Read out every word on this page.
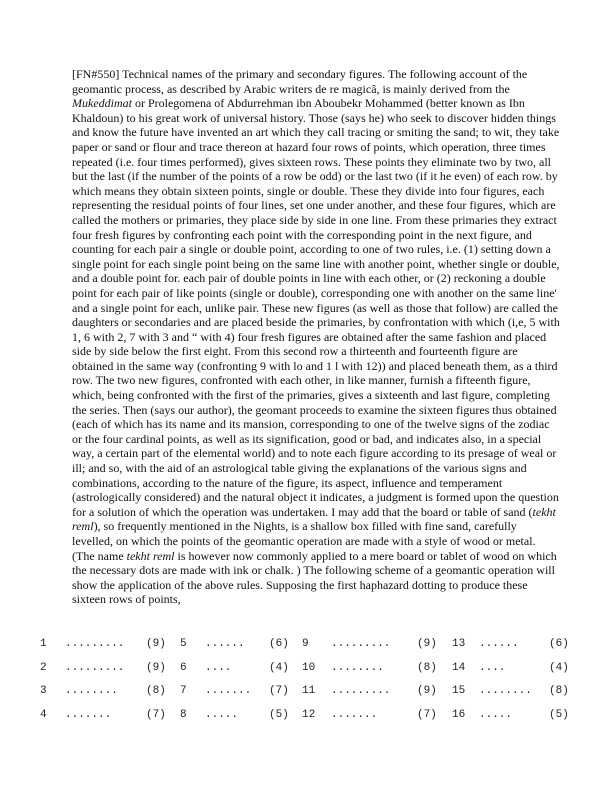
[FN#550] Technical names of the primary and secondary figures. The following account of the geomantic process, as described by Arabic writers de re magicâ, is mainly derived from the Mukeddimat or Prolegomena of Abdurrehman ibn Aboubekr Mohammed (better known as Ibn Khaldoun) to his great work of universal history. Those (says he) who seek to discover hidden things and know the future have invented an art which they call tracing or smiting the sand; to wit, they take paper or sand or flour and trace thereon at hazard four rows of points, which operation, three times repeated (i.e. four times performed), gives sixteen rows. These points they eliminate two by two, all but the last (if the number of the points of a row be odd) or the last two (if it he even) of each row. by which means they obtain sixteen points, single or double. These they divide into four figures, each representing the residual points of four lines, set one under another, and these four figures, which are called the mothers or primaries, they place side by side in one line. From these primaries they extract four fresh figures by confronting each point with the corresponding point in the next figure, and counting for each pair a single or double point, according to one of two rules, i.e. (1) setting down a single point for each single point being on the same line with another point, whether single or double, and a double point for. each pair of double points in line with each other, or (2) reckoning a double point for each pair of like points (single or double), corresponding one with another on the same line' and a single point for each, unlike pair. These new figures (as well as those that follow) are called the daughters or secondaries and are placed beside the primaries, by confrontation with which (i,e, 5 with 1, 6 with 2, 7 with 3 and “ with 4) four fresh figures are obtained after the same fashion and placed side by side below the first eight. From this second row a thirteenth and fourteenth figure are obtained in the same way (confronting 9 with lo and 1 l with 12)) and placed beneath them, as a third row. The two new figures, confronted with each other, in like manner, furnish a fifteenth figure, which, being confronted with the first of the primaries, gives a sixteenth and last figure, completing the series. Then (says our author), the geomant proceeds to examine the sixteen figures thus obtained (each of which has its name and its mansion, corresponding to one of the twelve signs of the zodiac or the four cardinal points, as well as its signification, good or bad, and indicates also, in a special way, a certain part of the elemental world) and to note each figure according to its presage of weal or ill; and so, with the aid of an astrological table giving the explanations of the various signs and combinations, according to the nature of the figure, its aspect, influence and temperament (astrologically considered) and the natural object it indicates, a judgment is formed upon the question for a solution of which the operation was undertaken. I may add that the board or table of sand (tekht reml), so frequently mentioned in the Nights, is a shallow box filled with fine sand, carefully levelled, on which the points of the geomantic operation are made with a style of wood or metal. (The name tekht reml is however now commonly applied to a mere board or tablet of wood on which the necessary dots are made with ink or chalk. ) The following scheme of a geomantic operation will show the application of the above rules. Supposing the first haphazard dotting to produce these sixteen rows of points,

1 ......... (9) 5 ...... (6) 9 ......... (9) 13 ......	(6)
2 ......... (9) 6 ....	(4) 10 ........	(8) 14 ....	(4)
3 ........	(8) 7 ....... (7) 11 ......... (9) 15 ........ (8)
4 .......	(7) 8 .....	(5) 12 .......	(7) 16 .....	(5)
